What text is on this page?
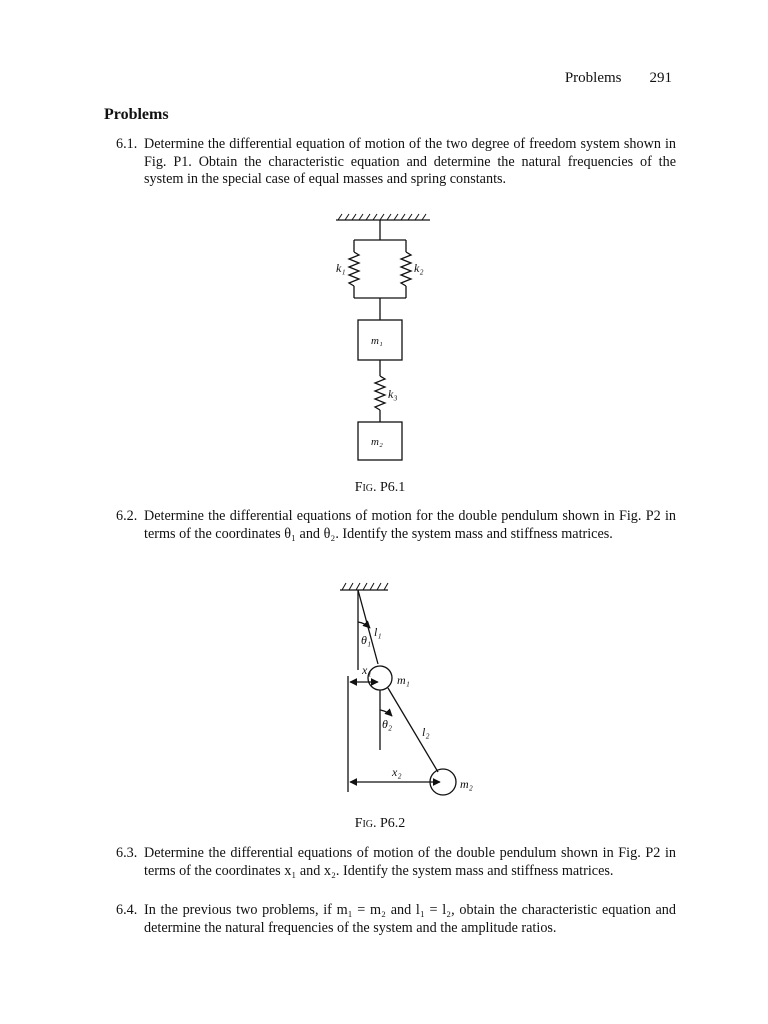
Problems 291
Problems
6.1. Determine the differential equation of motion of the two degree of freedom system shown in Fig. P1. Obtain the characteristic equation and determine the natural frequencies of the system in the special case of equal masses and spring constants.
k₁	k₂
m₁
k₃
m₂
Fig. P6.1
6.2. Determine the differential equations of motion for the double pendulum shown in Fig. P2 in terms of the coordinates θ₁ and θ₂. Identify the system mass and stiffness matrices.
θ₁
l₁
x₁
m₁
θ₂
l₂
x₂
m₂
Fig. P6.2
6.3. Determine the differential equations of motion of the double pendulum shown in Fig. P2 in terms of the coordinates x₁ and x₂. Identify the system mass and stiffness matrices.
6.4. In the previous two problems, if m₁ = m₂ and l₁ = l₂, obtain the characteristic equation and determine the natural frequencies of the system and the amplitude ratios.
